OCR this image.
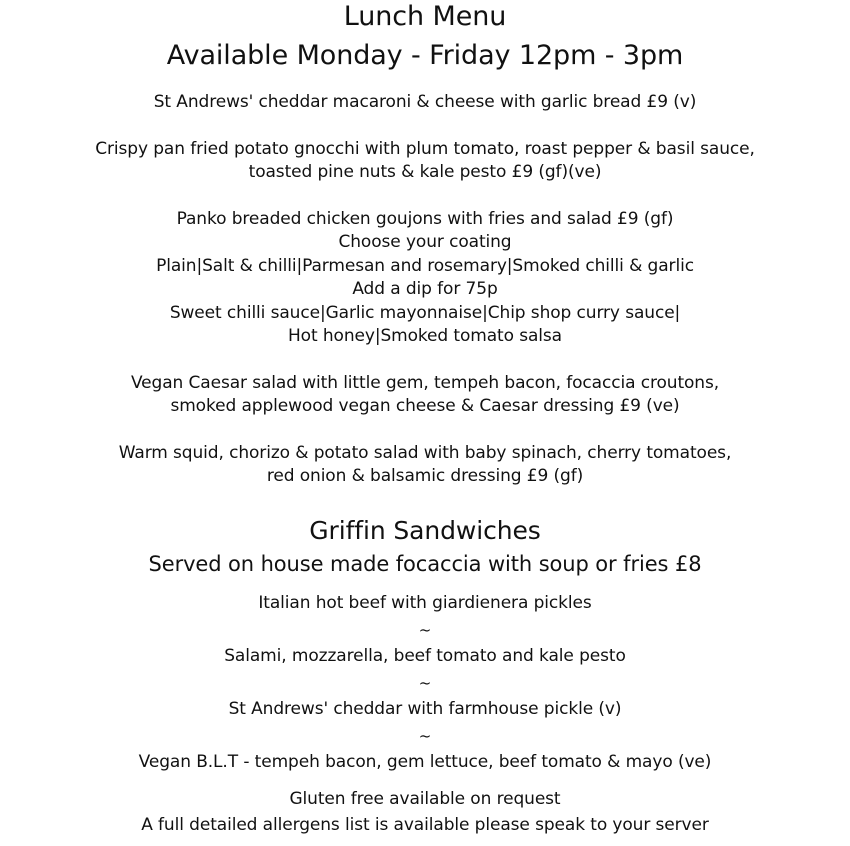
Lunch Menu
Available Monday - Friday 12pm - 3pm
St Andrews' cheddar macaroni & cheese with garlic bread £9 (v)
Crispy pan fried potato gnocchi with plum tomato, roast pepper & basil sauce,
toasted pine nuts & kale pesto £9 (gf)(ve)
Panko breaded chicken goujons with fries and salad £9 (gf)
Choose your coating
Plain|Salt & chilli|Parmesan and rosemary|Smoked chilli & garlic
Add a dip for 75p
Sweet chilli sauce|Garlic mayonnaise|Chip shop curry sauce|
Hot honey|Smoked tomato salsa
Vegan Caesar salad with little gem, tempeh bacon, focaccia croutons,
smoked applewood vegan cheese & Caesar dressing £9 (ve)
Warm squid, chorizo & potato salad with baby spinach, cherry tomatoes,
red onion & balsamic dressing £9 (gf)
Griffin Sandwiches
Served on house made focaccia with soup or fries £8
Italian hot beef with giardienera pickles
~
Salami, mozzarella, beef tomato and kale pesto
~
St Andrews' cheddar with farmhouse pickle (v)
~
Vegan B.L.T - tempeh bacon, gem lettuce, beef tomato & mayo (ve)
Gluten free available on request
A full detailed allergens list is available please speak to your server
